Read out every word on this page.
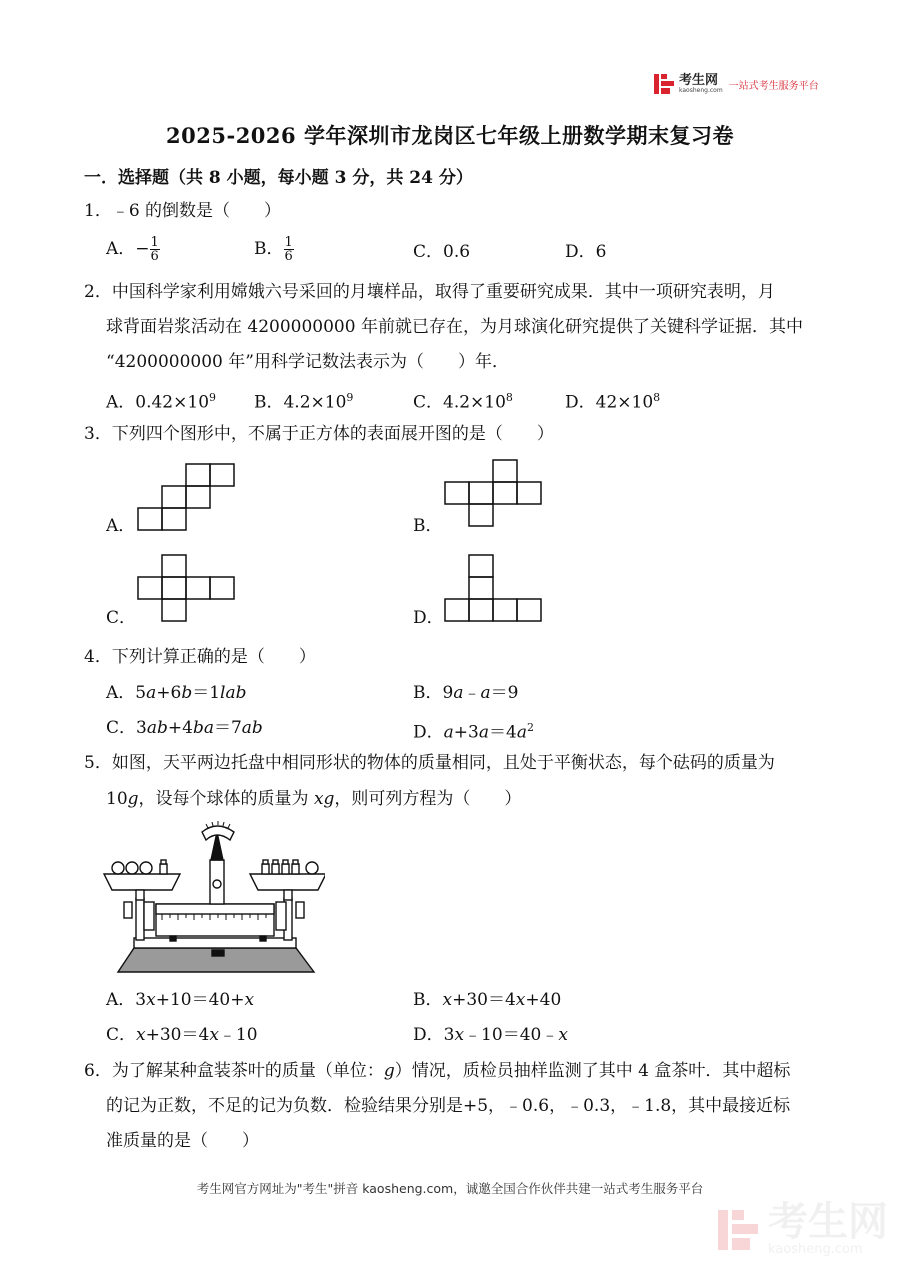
考生网
kaosheng.com 一站式考生服务平台
2025-2026 学年深圳市龙岗区七年级上册数学期末复习卷
一．选择题（共 8 小题，每小题 3 分，共 24 分）
1．﹣6 的倒数是（　　）
A．− $\frac{1}{6}$	B． $\frac{1}{6}$	C．0.6	D．6
2．中国科学家利用嫦娥六号采回的月壤样品，取得了重要研究成果．其中一项研究表明，月
球背面岩浆活动在 4200000000 年前就已存在，为月球演化研究提供了关键科学证据．其中
“4200000000 年”用科学记数法表示为（　　）年．
A．$0.42\times 10^9$ B．$4.2\times 10^9$	C．$4.2\times 10^8$	D．$42\times 10^8$
3．下列四个图形中，不属于正方体的表面展开图的是（　　）
A．	B．
C．	D．
4．下列计算正确的是（　　）
A．5a+6b＝1lab	B．9a﹣a＝9
C．3ab+4ba＝7ab	D．$a+3a=4a^2$
5．如图，天平两边托盘中相同形状的物体的质量相同，且处于平衡状态，每个砝码的质量为
10g，设每个球体的质量为 xg，则可列方程为（　　）
A．3x+10＝40+x	B．x+30＝4x+40
C．x+30＝4x﹣10	D．3x﹣10＝40﹣x
6．为了解某种盒装茶叶的质量（单位：g）情况，质检员抽样监测了其中 4 盒茶叶．其中超标
的记为正数，不足的记为负数．检验结果分别是+5，﹣0.6，﹣0.3，﹣1.8，其中最接近标
准质量的是（　　）
考生网官方网址为"考生"拼音 kaosheng.com，诚邀全国合作伙伴共建一站式考生服务平台
考生网
kaosheng.com
